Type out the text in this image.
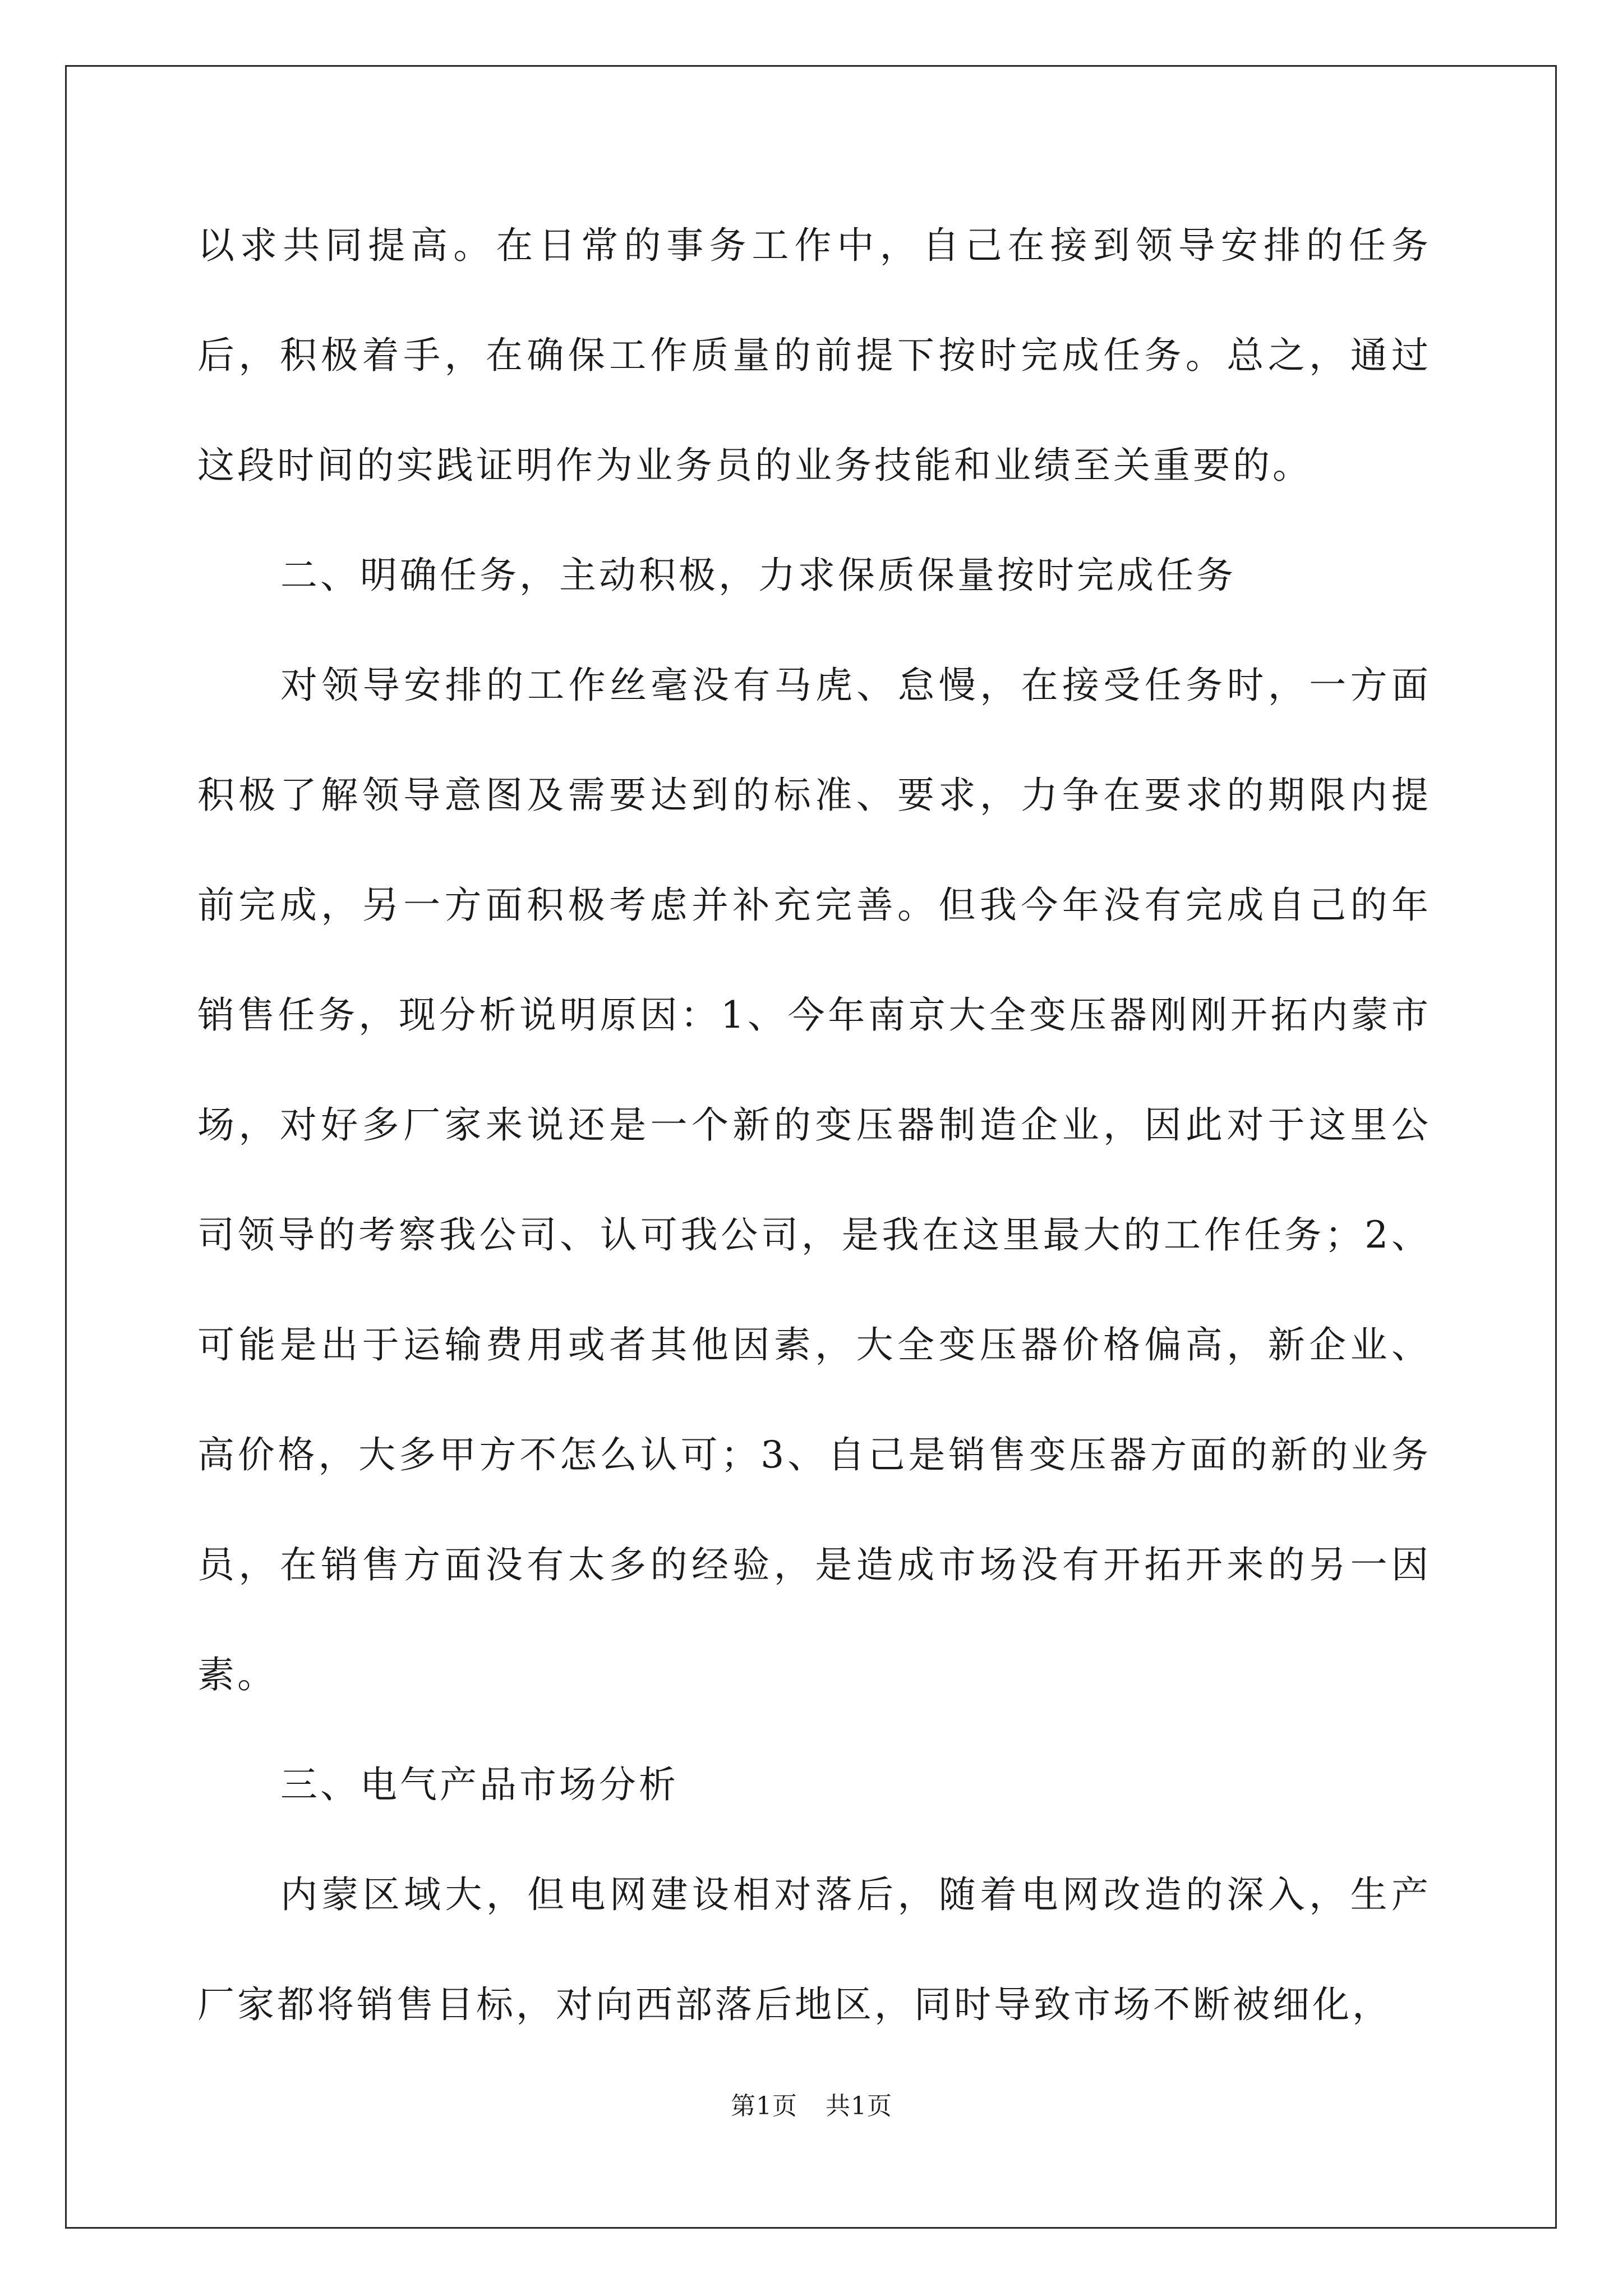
以求共同提高。在日常的事务工作中，自己在接到领导安排的任务后，积极着手，在确保工作质量的前提下按时完成任务。总之，通过这段时间的实践证明作为业务员的业务技能和业绩至关重要的。

二、明确任务，主动积极，力求保质保量按时完成任务

对领导安排的工作丝毫没有马虎、怠慢，在接受任务时，一方面积极了解领导意图及需要达到的标准、要求，力争在要求的期限内提前完成，另一方面积极考虑并补充完善。但我今年没有完成自己的年销售任务，现分析说明原因：1、今年南京大全变压器刚刚开拓内蒙市场，对好多厂家来说还是一个新的变压器制造企业，因此对于这里公司领导的考察我公司、认可我公司，是我在这里最大的工作任务；2、可能是出于运输费用或者其他因素，大全变压器价格偏高，新企业、高价格，大多甲方不怎么认可；3、自己是销售变压器方面的新的业务员，在销售方面没有太多的经验，是造成市场没有开拓开来的另一因素。

三、电气产品市场分析

内蒙区域大，但电网建设相对落后，随着电网改造的深入，生产厂家都将销售目标，对向西部落后地区，同时导致市场不断被细化，

第1页 共1页
